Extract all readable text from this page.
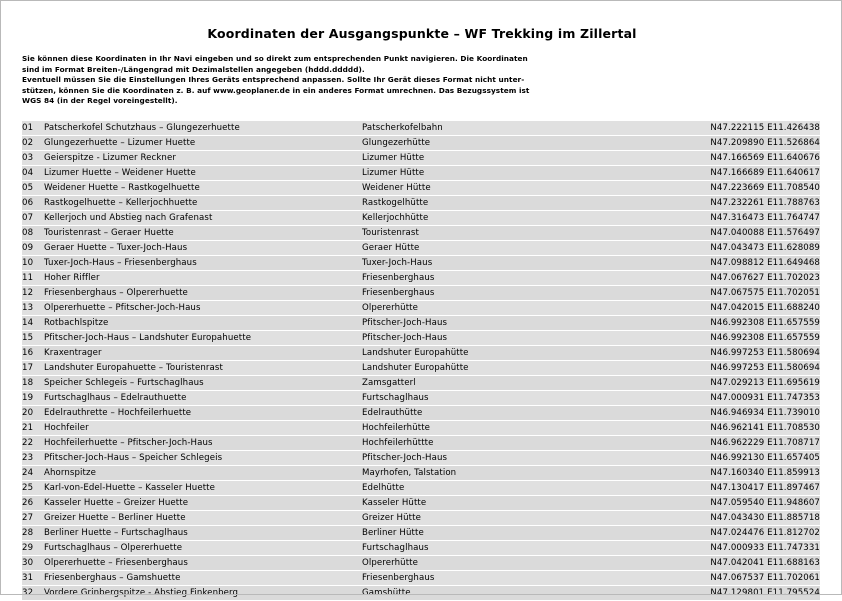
Koordinaten der Ausgangspunkte – WF Trekking im Zillertal

Sie können diese Koordinaten in Ihr Navi eingeben und so direkt zum entsprechenden Punkt navigieren. Die Koordinaten

sind im Format Breiten-/Längengrad mit Dezimalstellen angegeben (hddd.ddddd).

Eventuell müssen Sie die Einstellungen Ihres Geräts entsprechend anpassen. Sollte Ihr Gerät dieses Format nicht unter-

stützen, können Sie die Koordinaten z. B. auf www.geoplaner.de in ein anderes Format umrechnen. Das Bezugssystem ist

WGS 84 (in der Regel voreingestellt).

01	Patscherkofel Schutzhaus – Glungezerhuette	Patscherkofelbahn	N47.222115 E11.426438
02	Glungezerhuette – Lizumer Huette	Glungezerhütte	N47.209890 E11.526864
03	Geierspitze - Lizumer Reckner	Lizumer Hütte	N47.166569 E11.640676
04	Lizumer Huette – Weidener Huette	Lizumer Hütte	N47.166689 E11.640617
05	Weidener Huette – Rastkogelhuette	Weidener Hütte	N47.223669 E11.708540
06	Rastkogelhuette – Kellerjochhuette	Rastkogelhütte	N47.232261 E11.788763
07	Kellerjoch und Abstieg nach Grafenast	Kellerjochhütte	N47.316473 E11.764747
08	Touristenrast – Geraer Huette	Touristenrast	N47.040088 E11.576497
09	Geraer Huette – Tuxer-Joch-Haus	Geraer Hütte	N47.043473 E11.628089
10	Tuxer-Joch-Haus – Friesenberghaus	Tuxer-Joch-Haus	N47.098812 E11.649468
11	Hoher Riffler	Friesenberghaus	N47.067627 E11.702023
12	Friesenberghaus – Olpererhuette	Friesenberghaus	N47.067575 E11.702051
13	Olpererhuette – Pfitscher-Joch-Haus	Olpererhütte	N47.042015 E11.688240
14	Rotbachlspitze	Pfitscher-Joch-Haus	N46.992308 E11.657559
15	Pfitscher-Joch-Haus – Landshuter Europahuette	Pfitscher-Joch-Haus	N46.992308 E11.657559
16	Kraxentrager	Landshuter Europahütte	N46.997253 E11.580694
17	Landshuter Europahuette – Touristenrast	Landshuter Europahütte	N46.997253 E11.580694
18	Speicher Schlegeis – Furtschaglhaus	Zamsgatterl	N47.029213 E11.695619
19	Furtschaglhaus – Edelrauthuette	Furtschaglhaus	N47.000931 E11.747353
20	Edelrauthrette – Hochfeilerhuette	Edelrauthütte	N46.946934 E11.739010
21	Hochfeiler	Hochfeilerhütte	N46.962141 E11.708530
22	Hochfeilerhuette – Pfitscher-Joch-Haus	Hochfeilerhüttte	N46.962229 E11.708717
23	Pfitscher-Joch-Haus – Speicher Schlegeis	Pfitscher-Joch-Haus	N46.992130 E11.657405
24	Ahornspitze	Mayrhofen, Talstation	N47.160340 E11.859913
25	Karl-von-Edel-Huette – Kasseler Huette	Edelhütte	N47.130417 E11.897467
26	Kasseler Huette – Greizer Huette	Kasseler Hütte	N47.059540 E11.948607
27	Greizer Huette – Berliner Huette	Greizer Hütte	N47.043430 E11.885718
28	Berliner Huette – Furtschaglhaus	Berliner Hütte	N47.024476 E11.812702
29	Furtschaglhaus – Olpererhuette	Furtschaglhaus	N47.000933 E11.747331
30	Olpererhuette – Friesenberghaus	Olpererhütte	N47.042041 E11.688163
31	Friesenberghaus – Gamshuette	Friesenberghaus	N47.067537 E11.702061
32	Vordere Grinbergspitze - Abstieg Finkenberg	Gamshütte	N47.129801 E11.795524
